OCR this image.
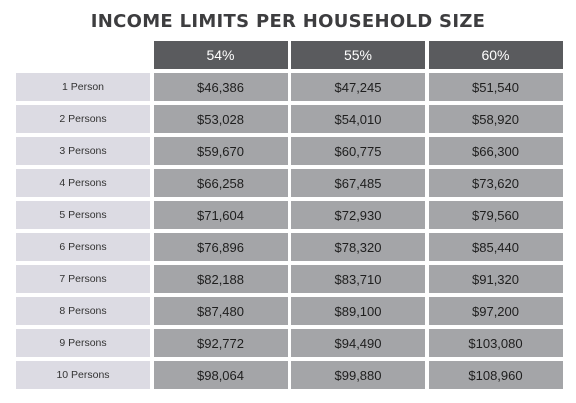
INCOME LIMITS PER HOUSEHOLD SIZE
54%	55%	60%
1 Person	$46,386	$47,245	$51,540
2 Persons	$53,028	$54,010	$58,920
3 Persons	$59,670	$60,775	$66,300
4 Persons	$66,258	$67,485	$73,620
5 Persons	$71,604	$72,930	$79,560
6 Persons	$76,896	$78,320	$85,440
7 Persons	$82,188	$83,710	$91,320
8 Persons	$87,480	$89,100	$97,200
9 Persons	$92,772	$94,490	$103,080
10 Persons	$98,064	$99,880	$108,960
